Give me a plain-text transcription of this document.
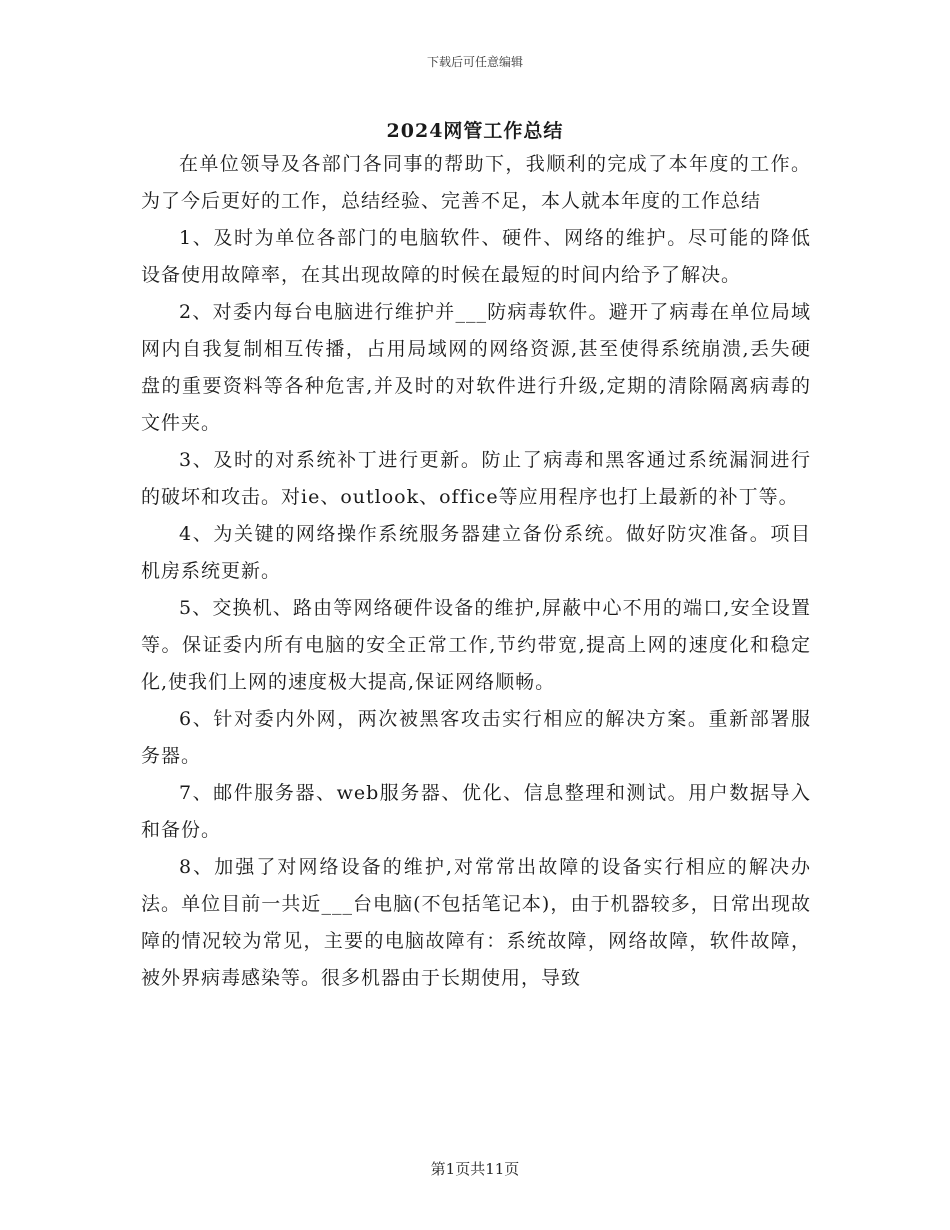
下载后可任意编辑
2024网管工作总结

在单位领导及各部门各同事的帮助下，我顺利的完成了本年度的工作。为了今后更好的工作，总结经验、完善不足，本人就本年度的工作总结

1、及时为单位各部门的电脑软件、硬件、网络的维护。尽可能的降低设备使用故障率，在其出现故障的时候在最短的时间内给予了解决。

2、对委内每台电脑进行维护并___防病毒软件。避开了病毒在单位局域网内自我复制相互传播，占用局域网的网络资源,甚至使得系统崩溃,丢失硬盘的重要资料等各种危害,并及时的对软件进行升级,定期的清除隔离病毒的文件夹。

3、及时的对系统补丁进行更新。防止了病毒和黑客通过系统漏洞进行的破坏和攻击。对ie、outlook、office等应用程序也打上最新的补丁等。

4、为关键的网络操作系统服务器建立备份系统。做好防灾准备。项目机房系统更新。

5、交换机、路由等网络硬件设备的维护,屏蔽中心不用的端口,安全设置等。保证委内所有电脑的安全正常工作,节约带宽,提高上网的速度化和稳定化,使我们上网的速度极大提高,保证网络顺畅。

6、针对委内外网，两次被黑客攻击实行相应的解决方案。重新部署服务器。

7、邮件服务器、web服务器、优化、信息整理和测试。用户数据导入和备份。

8、加强了对网络设备的维护,对常常出故障的设备实行相应的解决办法。单位目前一共近___台电脑(不包括笔记本)，由于机器较多，日常出现故障的情况较为常见，主要的电脑故障有：系统故障，网络故障，软件故障，被外界病毒感染等。很多机器由于长期使用，导致

第1页共11页
